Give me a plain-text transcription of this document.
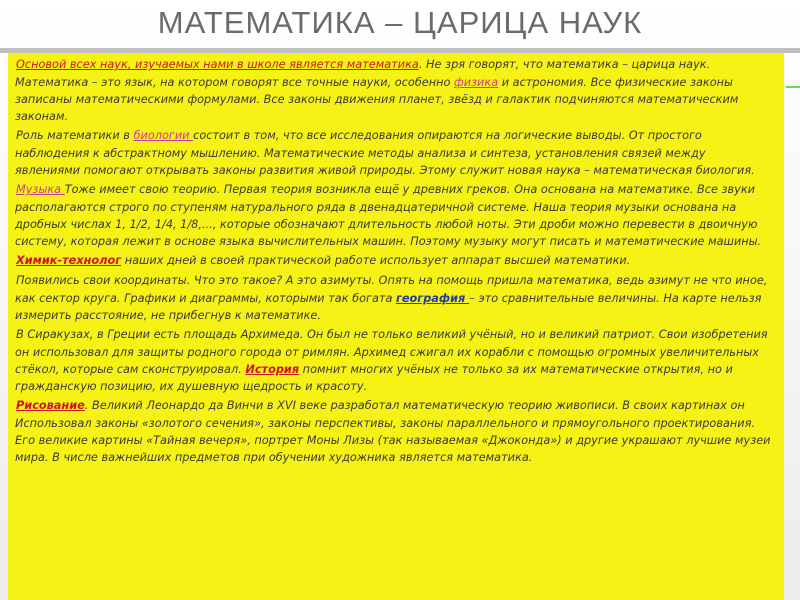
МАТЕМАТИКА – ЦАРИЦА НАУК

Основой всех наук, изучаемых нами в школе является математика. Не зря говорят, что математика – царица наук. Математика – это язык, на котором говорят все точные науки, особенно физика и астрономия. Все физические законы записаны математическими формулами. Все законы движения планет, звёзд и галактик подчиняются математическим законам.

Роль математики в биологии состоит в том, что все исследования опираются на логические выводы. От простого наблюдения к абстрактному мышлению. Математические методы анализа и синтеза, установления связей между явлениями помогают открывать законы развития живой природы. Этому служит новая наука – математическая биология.

Музыка Тоже имеет свою теорию. Первая теория возникла ещё у древних греков. Она основана на математике. Все звуки располагаются строго по ступеням натурального ряда в двенадцатеричной системе. Наша теория музыки основана на дробных числах 1, 1/2, 1/4, 1/8,..., которые обозначают длительность любой ноты. Эти дроби можно перевести в двоичную систему, которая лежит в основе языка вычислительных машин. Поэтому музыку могут писать и математические машины.

Химик-технолог наших дней в своей практической работе использует аппарат высшей математики.

Появились свои координаты. Что это такое? А это азимуты. Опять на помощь пришла математика, ведь азимут не что иное, как сектор круга. Графики и диаграммы, которыми так богата география – это сравнительные величины. На карте нельзя измерить расстояние, не прибегнув к математике.

В Сиракузах, в Греции есть площадь Архимеда. Он был не только великий учёный, но и великий патриот. Свои изобретения он использовал для защиты родного города от римлян. Архимед сжигал их корабли с помощью огромных увеличительных стёкол, которые сам сконструировал. История помнит многих учёных не только за их математические открытия, но и гражданскую позицию, их душевную щедрость и красоту.

Рисование. Великий Леонардо да Винчи в XVI веке разработал математическую теорию живописи. В своих картинах он Использовал законы «золотого сечения», законы перспективы, законы параллельного и прямоугольного проектирования. Его великие картины «Тайная вечеря», портрет Моны Лизы (так называемая «Джоконда») и другие украшают лучшие музеи мира. В числе важнейших предметов при обучении художника является математика.
